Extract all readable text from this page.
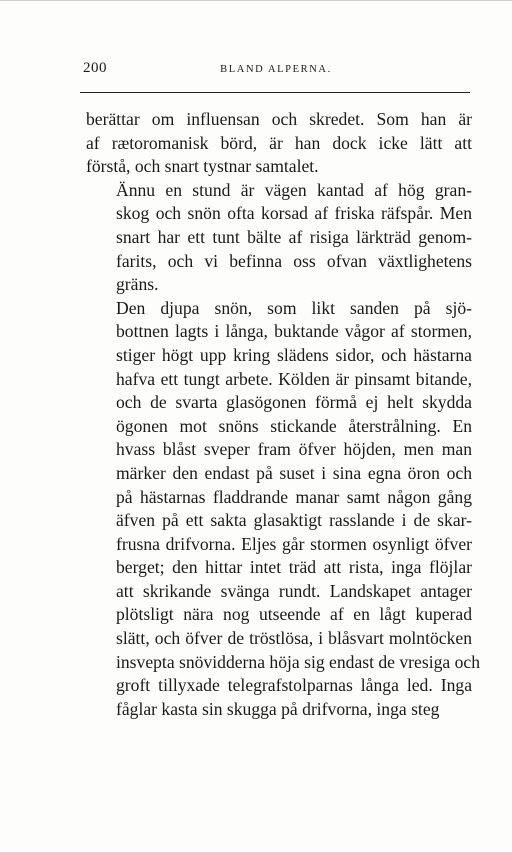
200	BLAND ALPERNA.

berättar om influensan och skredet. Som han är
af rætoromanisk börd, är han dock icke lätt att
förstå, och snart tystnar samtalet.

Ännu en stund är vägen kantad af hög gran-
skog och snön ofta korsad af friska räfspår. Men
snart har ett tunt bälte af risiga lärkträd genom-
farits, och vi befinna oss ofvan växtlighetens
gräns.

Den djupa snön, som likt sanden på sjö-
bottnen lagts i långa, buktande vågor af stormen,
stiger högt upp kring slädens sidor, och hästarna
hafva ett tungt arbete. Kölden är pinsamt bitande,
och de svarta glasögonen förmå ej helt skydda
ögonen mot snöns stickande återstrålning. En
hvass blåst sveper fram öfver höjden, men man
märker den endast på suset i sina egna öron och
på hästarnas fladdrande manar samt någon gång
äfven på ett sakta glasaktigt rasslande i de skar-
frusna drifvorna. Eljes går stormen osynligt öfver
berget; den hittar intet träd att rista, inga flöjlar
att skrikande svänga rundt. Landskapet antager
plötsligt nära nog utseende af en lågt kuperad
slätt, och öfver de tröstlösa, i blåsvart molntöcken
insvepta snövidderna höja sig endast de vresiga och
groft tillyxade telegrafstolparnas långa led. Inga
fåglar kasta sin skugga på drifvorna, inga steg
